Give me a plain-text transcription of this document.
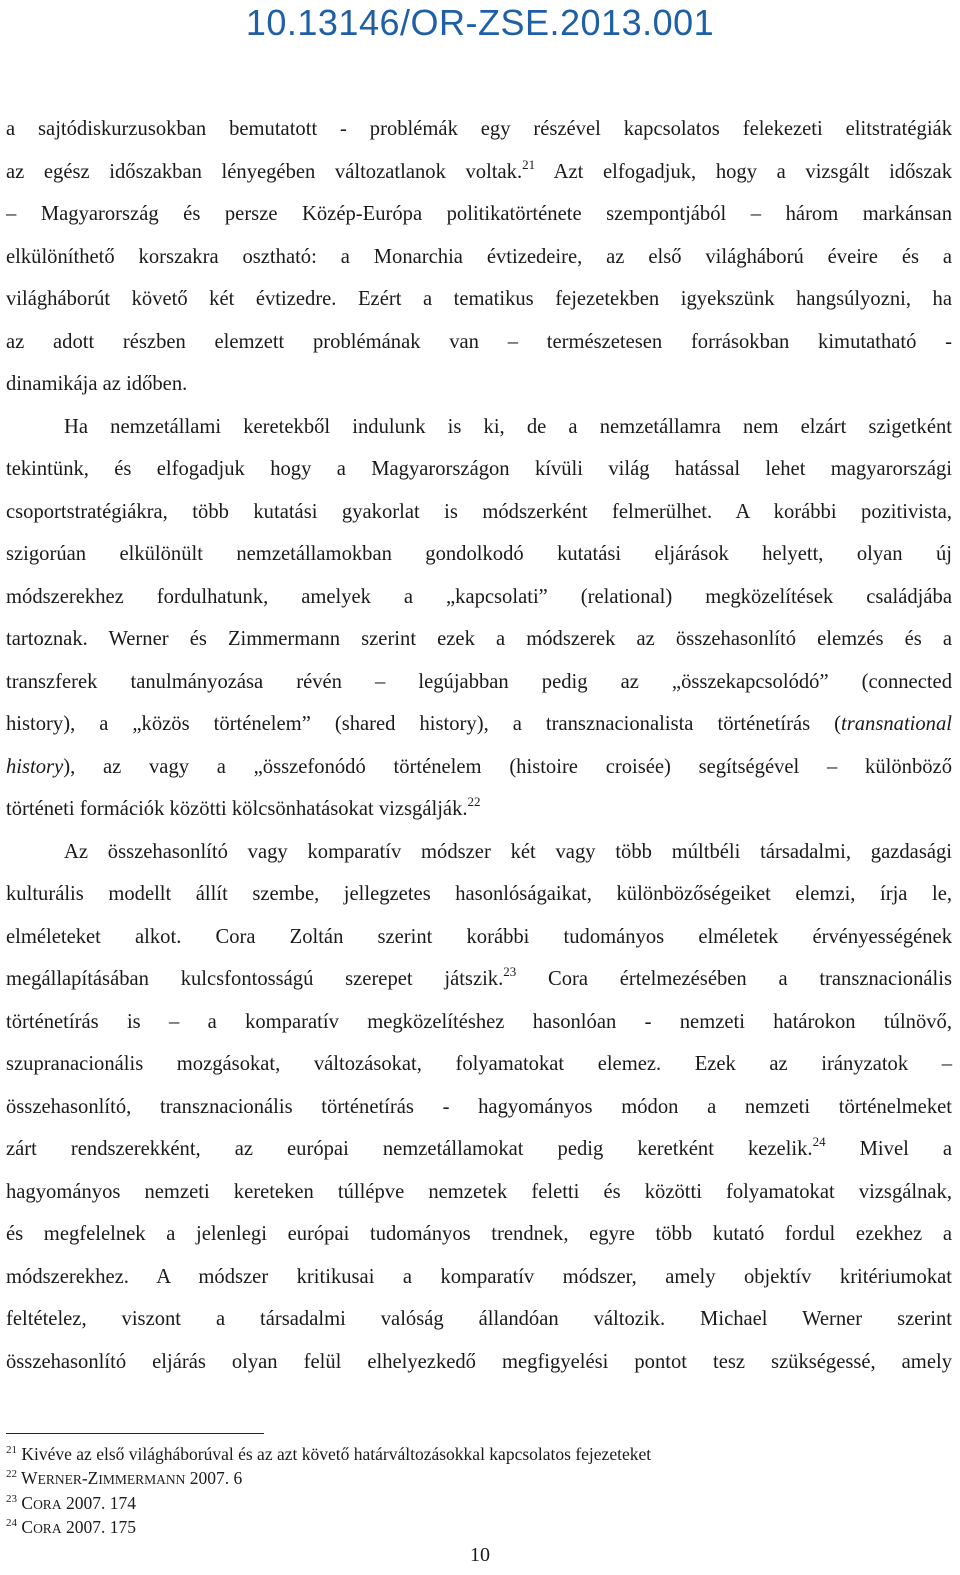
10.13146/OR-ZSE.2013.001
a sajtódiskurzusokban bemutatott - problémák egy részével kapcsolatos felekezeti elitstratégiák
az egész időszakban lényegében változatlanok voltak.$^{21}$ Azt elfogadjuk, hogy a vizsgált időszak
– Magyarország és persze Közép-Európa politikatörténete szempontjából – három markánsan
elkülöníthető korszakra osztható: a Monarchia évtizedeire, az első világháború éveire és a
világháborút követő két évtizedre. Ezért a tematikus fejezetekben igyekszünk hangsúlyozni, ha
az adott részben elemzett problémának van – természetesen forrásokban kimutatható -
dinamikája az időben.
Ha nemzetállami keretekből indulunk is ki, de a nemzetállamra nem elzárt szigetként
tekintünk, és elfogadjuk hogy a Magyarországon kívüli világ hatással lehet magyarországi
csoportstratégiákra, több kutatási gyakorlat is módszerként felmerülhet. A korábbi pozitivista,
szigorúan elkülönült nemzetállamokban gondolkodó kutatási eljárások helyett, olyan új
módszerekhez fordulhatunk, amelyek a „kapcsolati” (relational) megközelítések családjába
tartoznak. Werner és Zimmermann szerint ezek a módszerek az összehasonlító elemzés és a
transzferek tanulmányozása révén – legújabban pedig az „összekapcsolódó” (connected
history), a „közös történelem” (shared history), a transznacionalista történetírás (transnational
history), az vagy a „összefonódó történelem (histoire croisée) segítségével – különböző
történeti formációk közötti kölcsönhatásokat vizsgálják.$^{22}$
Az összehasonlító vagy komparatív módszer két vagy több múltbéli társadalmi, gazdasági
kulturális modellt állít szembe, jellegzetes hasonlóságaikat, különbözőségeiket elemzi, írja le,
elméleteket alkot. Cora Zoltán szerint korábbi tudományos elméletek érvényességének
megállapításában kulcsfontosságú szerepet játszik.$^{23}$ Cora értelmezésében a transznacionális
történetírás is – a komparatív megközelítéshez hasonlóan - nemzeti határokon túlnövő,
szupranacionális mozgásokat, változásokat, folyamatokat elemez. Ezek az irányzatok –
összehasonlító, transznacionális történetírás - hagyományos módon a nemzeti történelmeket
zárt rendszerekként, az európai nemzetállamokat pedig keretként kezelik.$^{24}$ Mivel a
hagyományos nemzeti kereteken túllépve nemzetek feletti és közötti folyamatokat vizsgálnak,
és megfelelnek a jelenlegi európai tudományos trendnek, egyre több kutató fordul ezekhez a
módszerekhez. A módszer kritikusai a komparatív módszer, amely objektív kritériumokat
feltételez, viszont a társadalmi valóság állandóan változik. Michael Werner szerint
összehasonlító eljárás olyan felül elhelyezkedő megfigyelési pontot tesz szükségessé, amely
$^{21}$ Kivéve az első világháborúval és az azt követő határváltozásokkal kapcsolatos fejezeteket
$^{22}$ WERNER-ZIMMERMANN 2007. 6
$^{23}$ CORA 2007. 174
$^{24}$ CORA 2007. 175
10
